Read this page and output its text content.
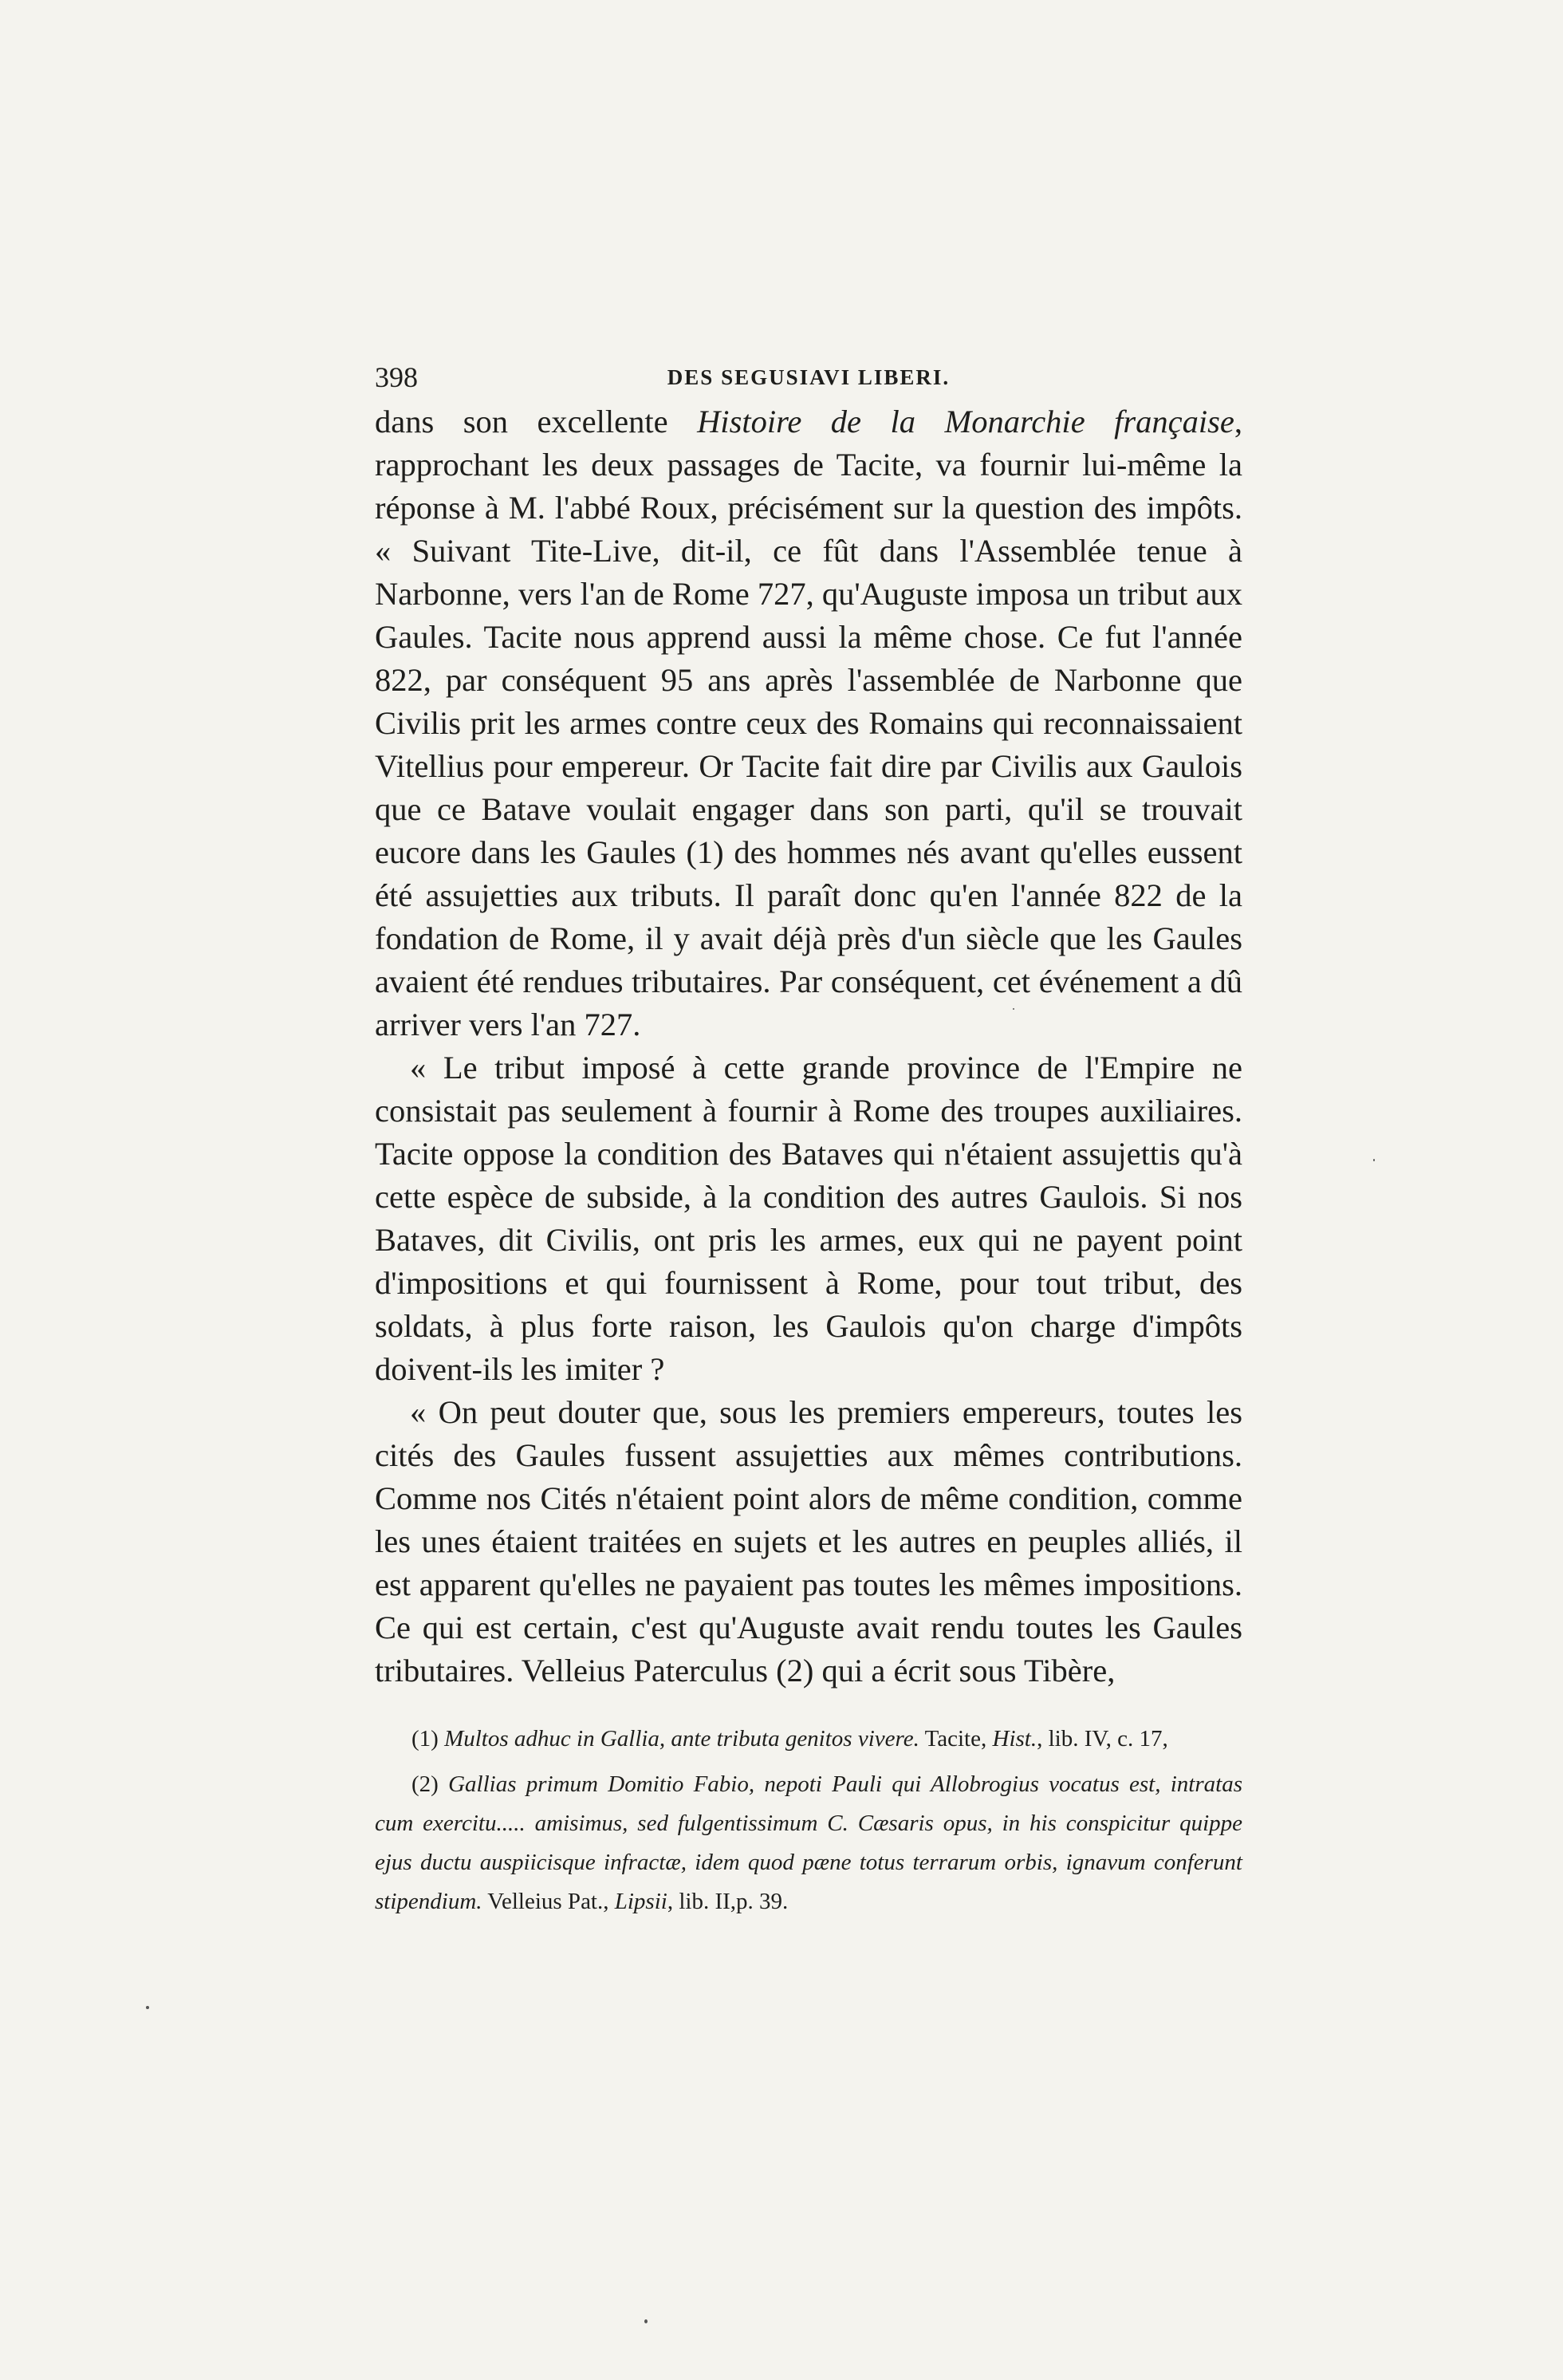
398	DES SEGUSIAVI LIBERI.

dans son excellente Histoire de la Monarchie française, rapprochant les deux passages de Tacite, va fournir lui-même la réponse à M. l'abbé Roux, précisément sur la question des impôts. « Suivant Tite-Live, dit-il, ce fût dans l'Assemblée tenue à Narbonne, vers l'an de Rome 727, qu'Auguste imposa un tribut aux Gaules. Tacite nous apprend aussi la même chose. Ce fut l'année 822, par conséquent 95 ans après l'assemblée de Narbonne que Civilis prit les armes contre ceux des Romains qui reconnaissaient Vitellius pour empereur. Or Tacite fait dire par Civilis aux Gaulois que ce Batave voulait engager dans son parti, qu'il se trouvait eucore dans les Gaules (1) des hommes nés avant qu'elles eussent été assujetties aux tributs. Il paraît donc qu'en l'année 822 de la fondation de Rome, il y avait déjà près d'un siècle que les Gaules avaient été rendues tributaires. Par conséquent, cet événement a dû arriver vers l'an 727.

« Le tribut imposé à cette grande province de l'Empire ne consistait pas seulement à fournir à Rome des troupes auxiliaires. Tacite oppose la condition des Bataves qui n'étaient assujettis qu'à cette espèce de subside, à la condition des autres Gaulois. Si nos Bataves, dit Civilis, ont pris les armes, eux qui ne payent point d'impositions et qui fournissent à Rome, pour tout tribut, des soldats, à plus forte raison, les Gaulois qu'on charge d'impôts doivent-ils les imiter ?

« On peut douter que, sous les premiers empereurs, toutes les cités des Gaules fussent assujetties aux mêmes contributions. Comme nos Cités n'étaient point alors de même condition, comme les unes étaient traitées en sujets et les autres en peuples alliés, il est apparent qu'elles ne payaient pas toutes les mêmes impositions. Ce qui est certain, c'est qu'Auguste avait rendu toutes les Gaules tributaires. Velleius Paterculus (2) qui a écrit sous Tibère,

(1) Multos adhuc in Gallia, ante tributa genitos vivere. Tacite, Hist., lib. IV, c. 17,

(2) Gallias primum Domitio Fabio, nepoti Pauli qui Allobrogius vocatus est, intratas cum exercitu..... amisimus, sed fulgentissimum C. Cæsaris opus, in his conspicitur quippe ejus ductu auspiicisque infractæ, idem quod pæne totus terrarum orbis, ignavum conferunt stipendium. Velleius Pat., Lipsii, lib. II,p. 39.
